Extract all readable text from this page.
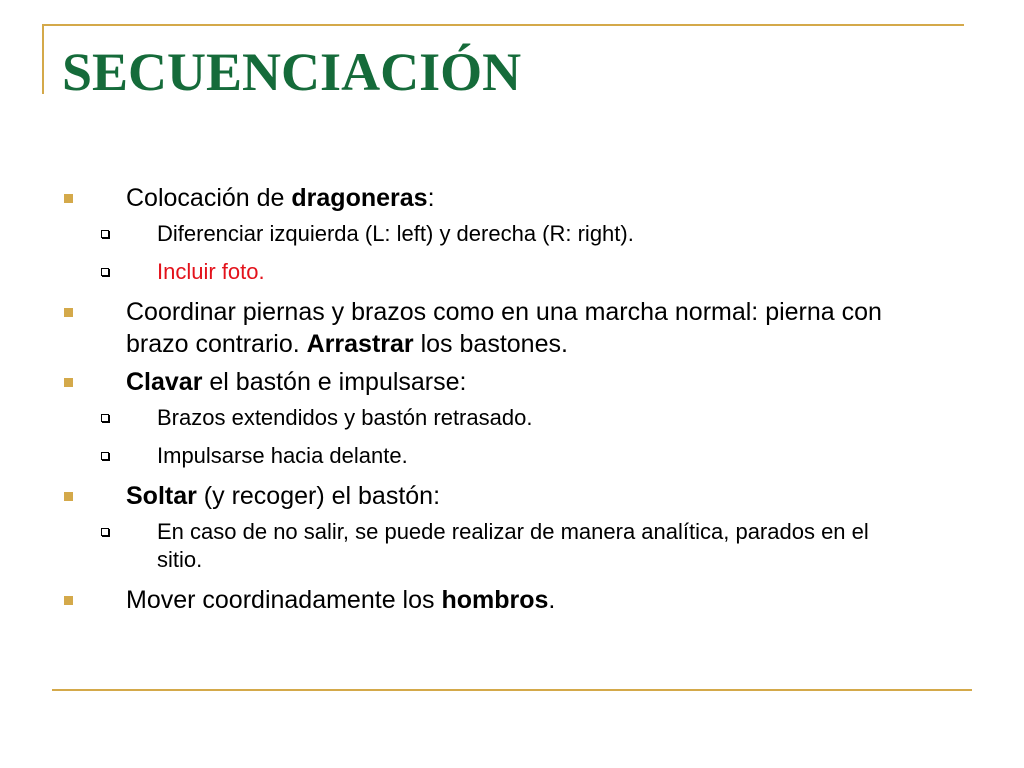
SECUENCIACIÓN
Colocación de dragoneras:
Diferenciar izquierda (L: left) y derecha (R: right).
Incluir foto.
Coordinar piernas y brazos como en una marcha normal: pierna con brazo contrario. Arrastrar los bastones.
Clavar el bastón e impulsarse:
Brazos extendidos y bastón retrasado.
Impulsarse hacia delante.
Soltar (y recoger) el bastón:
En caso de no salir, se puede realizar de manera analítica, parados en el sitio.
Mover coordinadamente los hombros.
